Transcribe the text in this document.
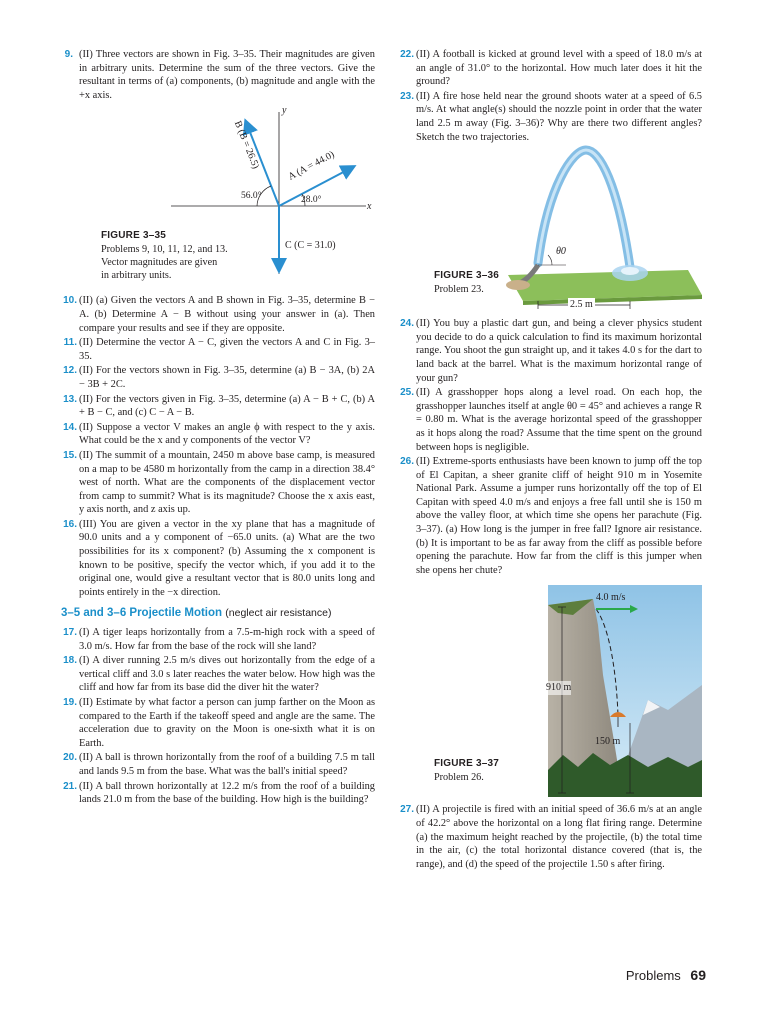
9. (II) Three vectors are shown in Fig. 3–35. Their magnitudes are given in arbitrary units. Determine the sum of the three vectors. Give the resultant in terms of (a) components, (b) magnitude and angle with the +x axis.
y
x
A (A = 44.0)
B (B = 26.5)
C (C = 31.0)
28.0°
56.0°
FIGURE 3–35
Problems 9, 10, 11, 12, and 13.
Vector magnitudes are given
in arbitrary units.
10. (II) (a) Given the vectors A and B shown in Fig. 3–35, determine B − A. (b) Determine A − B without using your answer in (a). Then compare your results and see if they are opposite.
11. (II) Determine the vector A − C, given the vectors A and C in Fig. 3–35.
12. (II) For the vectors shown in Fig. 3–35, determine (a) B − 3A, (b) 2A − 3B + 2C.
13. (II) For the vectors given in Fig. 3–35, determine (a) A − B + C, (b) A + B − C, and (c) C − A − B.
14. (II) Suppose a vector V makes an angle ϕ with respect to the y axis. What could be the x and y components of the vector V?
15. (II) The summit of a mountain, 2450 m above base camp, is measured on a map to be 4580 m horizontally from the camp in a direction 38.4° west of north. What are the components of the displacement vector from camp to summit? What is its magnitude? Choose the x axis east, y axis north, and z axis up.
16. (III) You are given a vector in the xy plane that has a magnitude of 90.0 units and a y component of −65.0 units. (a) What are the two possibilities for its x component? (b) Assuming the x component is known to be positive, specify the vector which, if you add it to the original one, would give a resultant vector that is 80.0 units long and points entirely in the −x direction.
3–5 and 3–6 Projectile Motion (neglect air resistance)
17. (I) A tiger leaps horizontally from a 7.5-m-high rock with a speed of 3.0 m/s. How far from the base of the rock will she land?
18. (I) A diver running 2.5 m/s dives out horizontally from the edge of a vertical cliff and 3.0 s later reaches the water below. How high was the cliff and how far from its base did the diver hit the water?
19. (II) Estimate by what factor a person can jump farther on the Moon as compared to the Earth if the takeoff speed and angle are the same. The acceleration due to gravity on the Moon is one-sixth what it is on Earth.
20. (II) A ball is thrown horizontally from the roof of a building 7.5 m tall and lands 9.5 m from the base. What was the ball's initial speed?
21. (II) A ball thrown horizontally at 12.2 m/s from the roof of a building lands 21.0 m from the base of the building. How high is the building?
22. (II) A football is kicked at ground level with a speed of 18.0 m/s at an angle of 31.0° to the horizontal. How much later does it hit the ground?
23. (II) A fire hose held near the ground shoots water at a speed of 6.5 m/s. At what angle(s) should the nozzle point in order that the water land 2.5 m away (Fig. 3–36)? Why are there two different angles? Sketch the two trajectories.
θ0
2.5 m
FIGURE 3–36
Problem 23.
24. (II) You buy a plastic dart gun, and being a clever physics student you decide to do a quick calculation to find its maximum horizontal range. You shoot the gun straight up, and it takes 4.0 s for the dart to land back at the barrel. What is the maximum horizontal range of your gun?
25. (II) A grasshopper hops along a level road. On each hop, the grasshopper launches itself at angle θ0 = 45° and achieves a range R = 0.80 m. What is the average horizontal speed of the grasshopper as it hops along the road? Assume that the time spent on the ground between hops is negligible.
26. (II) Extreme-sports enthusiasts have been known to jump off the top of El Capitan, a sheer granite cliff of height 910 m in Yosemite National Park. Assume a jumper runs horizontally off the top of El Capitan with speed 4.0 m/s and enjoys a free fall until she is 150 m above the valley floor, at which time she opens her parachute (Fig. 3–37). (a) How long is the jumper in free fall? Ignore air resistance. (b) It is important to be as far away from the cliff as possible before opening the parachute. How far from the cliff is this jumper when she opens her chute?
4.0 m/s
910 m
150 m
FIGURE 3–37
Problem 26.
27. (II) A projectile is fired with an initial speed of 36.6 m/s at an angle of 42.2° above the horizontal on a long flat firing range. Determine (a) the maximum height reached by the projectile, (b) the total time in the air, (c) the total horizontal distance covered (that is, the range), and (d) the speed of the projectile 1.50 s after firing.
Problems 69
